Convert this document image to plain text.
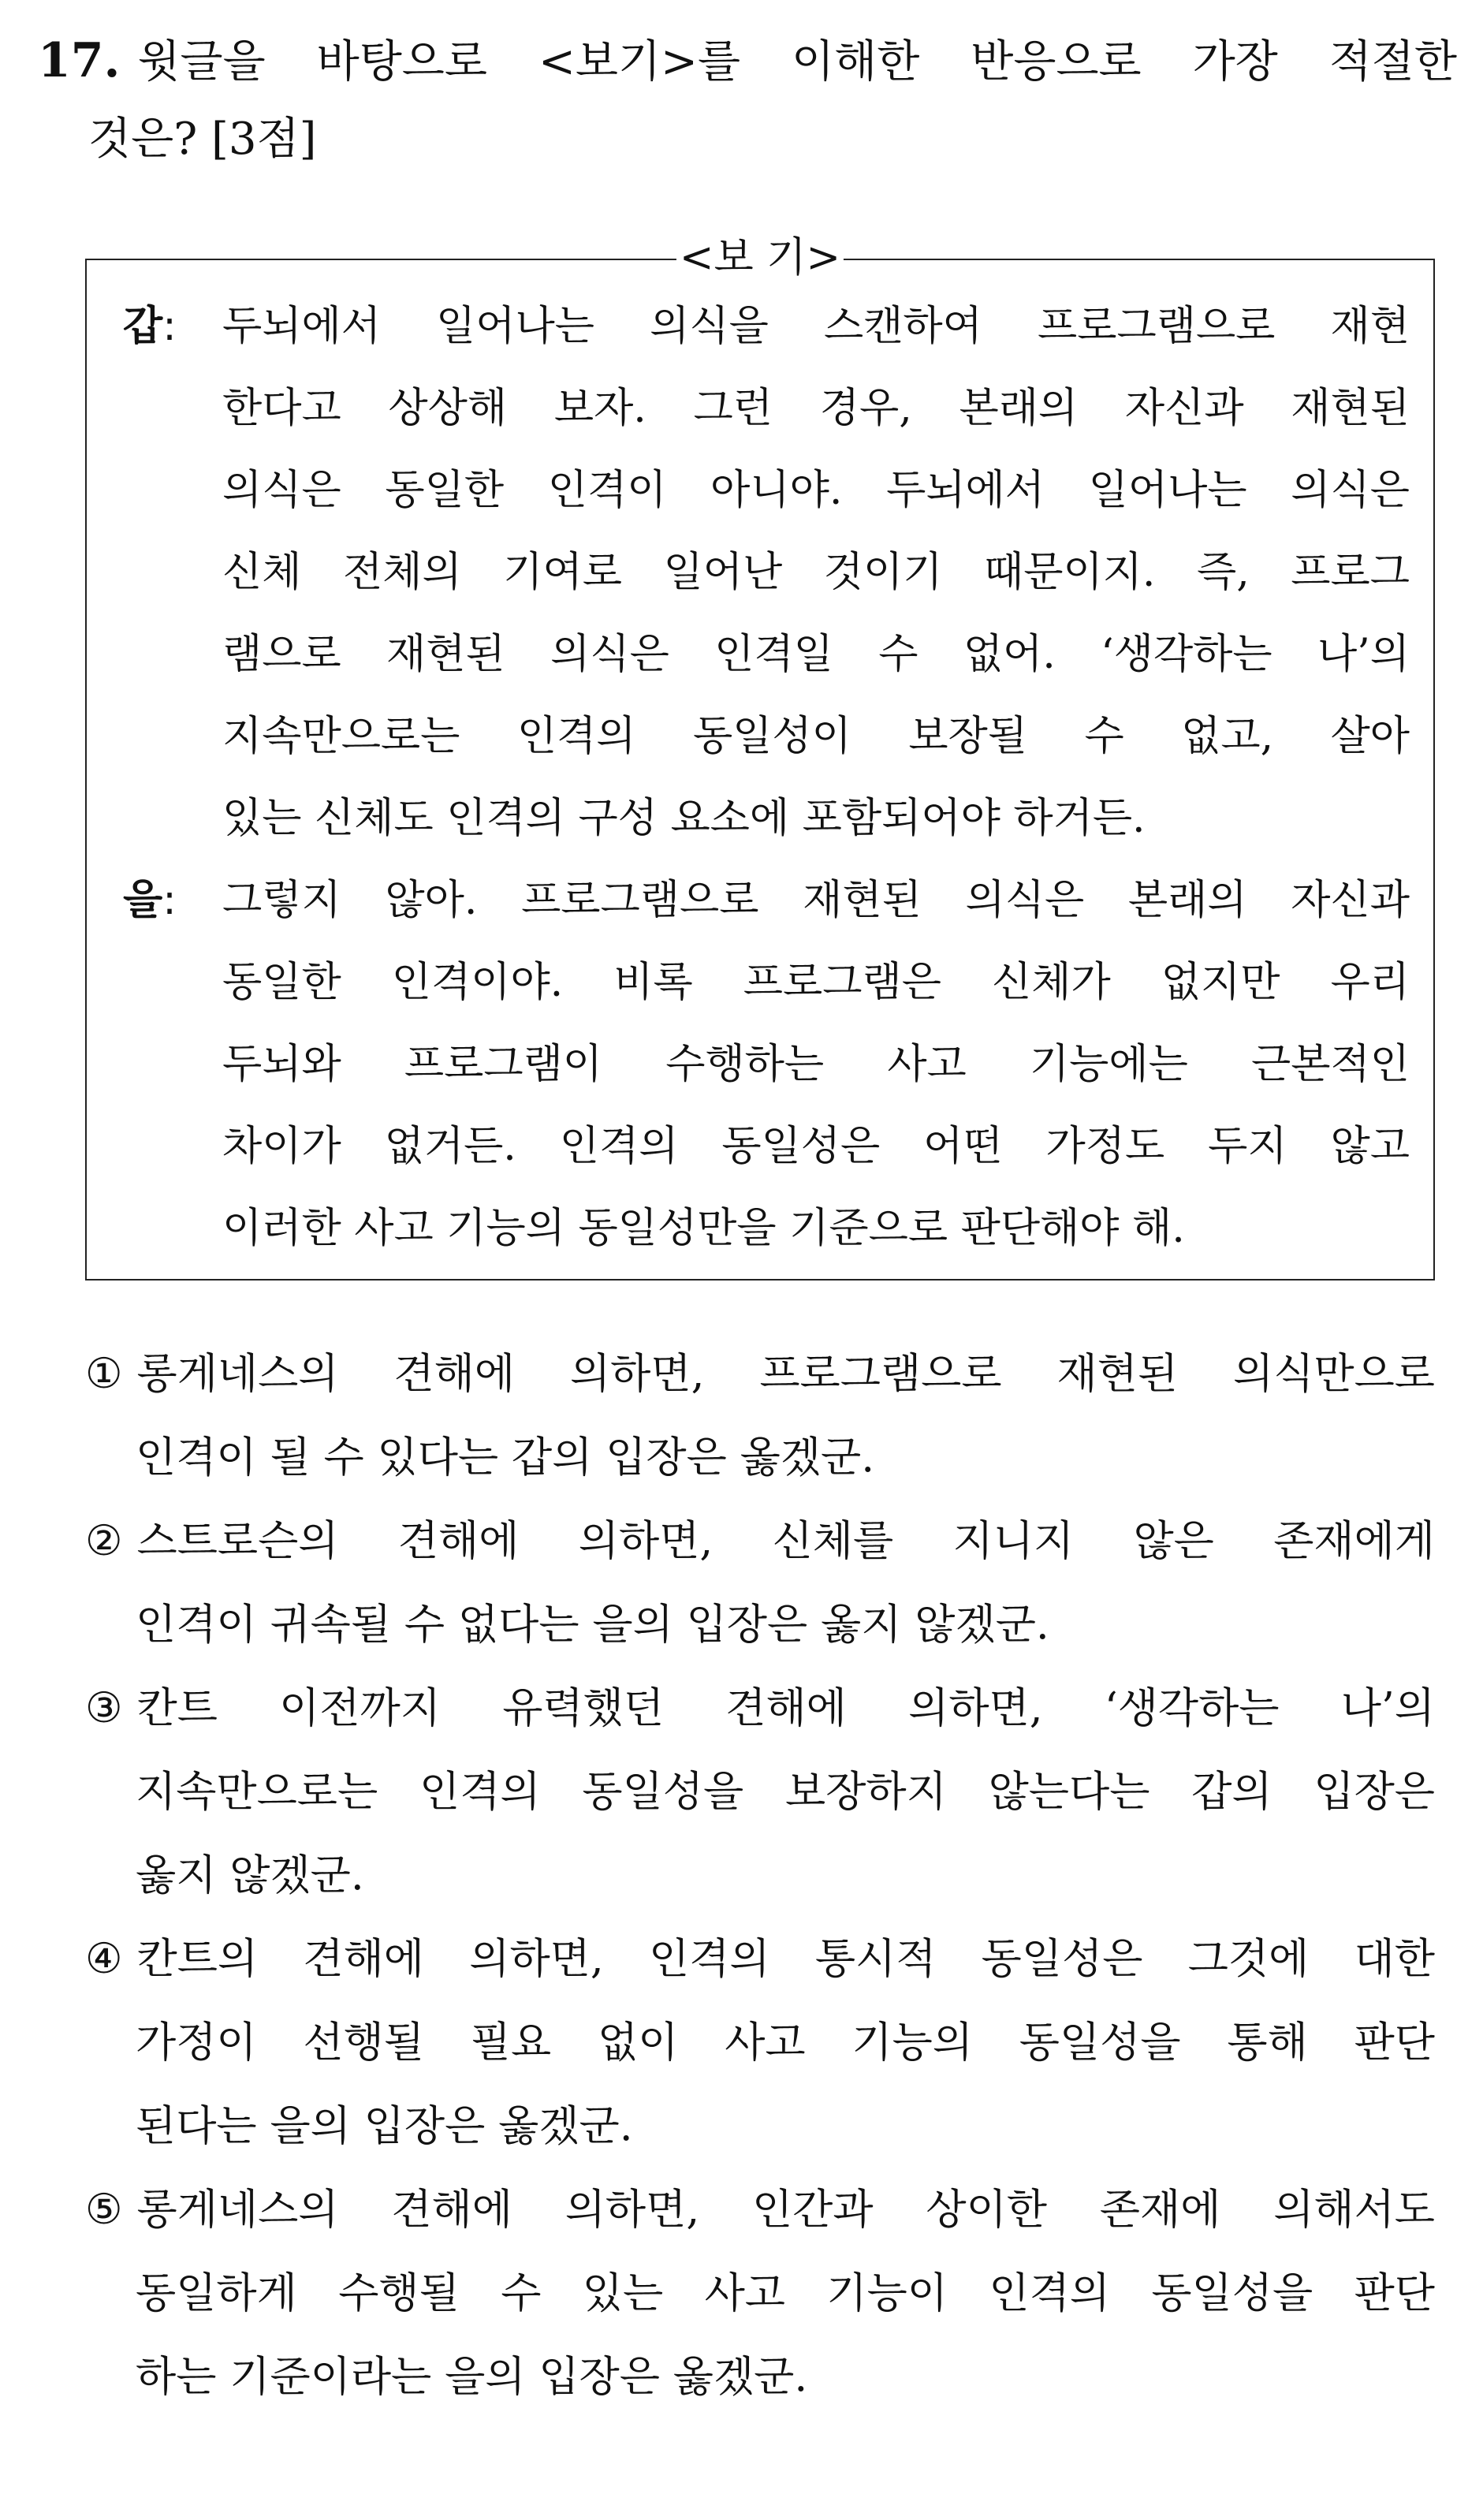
17. 윗글을 바탕으로 <보기>를 이해한 반응으로 가장 적절한
것은? [3점]
<보 기>
갑: 두뇌에서 일어나는 의식을 스캔하여 프로그램으로 재현
한다고 상상해 보자. 그런 경우, 본래의 자신과 재현된
의식은 동일한 인격이 아니야. 두뇌에서 일어나는 의식은
신체 전체의 기여로 일어난 것이기 때문이지. 즉, 프로그
램으로 재현된 의식은 인격일 수 없어. ‘생각하는 나’의
지속만으로는 인격의 동일성이 보장될 수 없고, 살아
있는 신체도 인격의 구성 요소에 포함되어야 하거든.
을: 그렇지 않아. 프로그램으로 재현된 의식은 본래의 자신과
동일한 인격이야. 비록 프로그램은 신체가 없지만 우리
두뇌와 프로그램이 수행하는 사고 기능에는 근본적인
차이가 없거든. 인격의 동일성은 어떤 가정도 두지 않고
이러한 사고 기능의 동일성만을 기준으로 판단해야 해.
① 롱게네스의 견해에 의하면, 프로그램으로 재현된 의식만으로
인격이 될 수 있다는 갑의 입장은 옳겠군.
② 스트로슨의 견해에 의하면, 신체를 지니지 않은 존재에게
인격이 귀속될 수 없다는 을의 입장은 옳지 않겠군.
③ 칸트 이전까지 유력했던 견해에 의하면, ‘생각하는 나’의
지속만으로는 인격의 동일성을 보장하지 않는다는 갑의 입장은
옳지 않겠군.
④ 칸트의 견해에 의하면, 인격의 통시적 동일성은 그것에 대한
가정이 선행될 필요 없이 사고 기능의 동일성을 통해 판단
된다는 을의 입장은 옳겠군.
⑤ 롱게네스의 견해에 의하면, 인간과 상이한 존재에 의해서도
동일하게 수행될 수 있는 사고 기능이 인격의 동일성을 판단
하는 기준이라는 을의 입장은 옳겠군.
